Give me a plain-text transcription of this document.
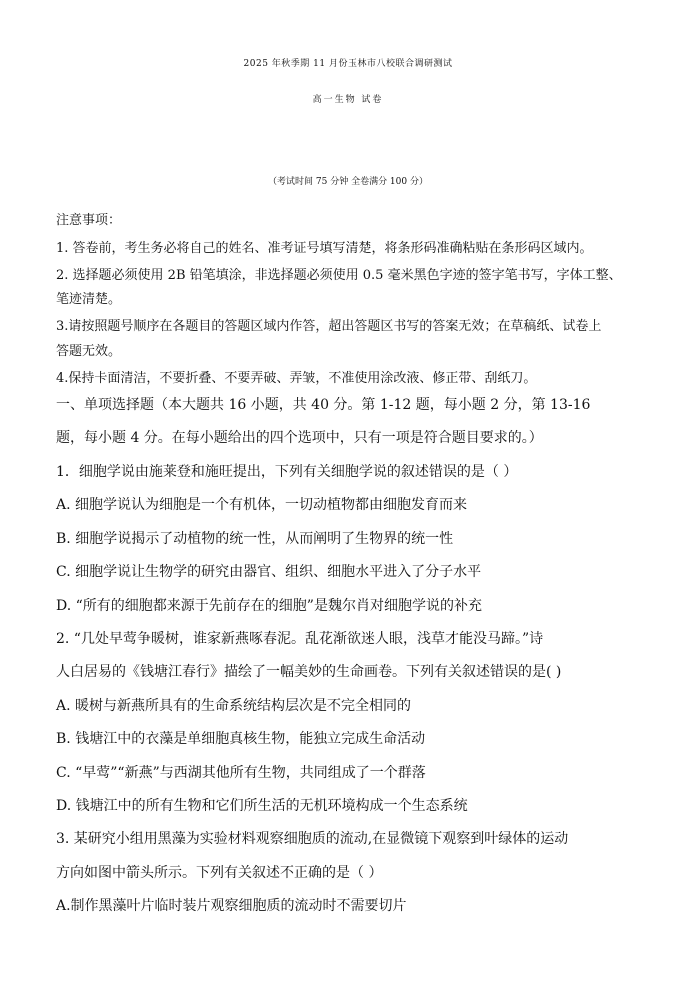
2025 年秋季期 11 月份玉林市八校联合调研测试
高一生物 试卷
（考试时间 75 分钟 全卷满分 100 分）
注意事项：
1. 答卷前，考生务必将自己的姓名、准考证号填写清楚，将条形码准确粘贴在条形码区域内。
2. 选择题必须使用 2B 铅笔填涂，非选择题必须使用 0.5 毫米黑色字迹的签字笔书写，字体工整、
笔迹清楚。
3.请按照题号顺序在各题目的答题区域内作答，超出答题区书写的答案无效；在草稿纸、试卷上
答题无效。
4.保持卡面清洁，不要折叠、不要弄破、弄皱，不准使用涂改液、修正带、刮纸刀。
一、单项选择题（本大题共 16 小题，共 40 分。第 1-12 题，每小题 2 分，第 13-16
题，每小题 4 分。在每小题给出的四个选项中，只有一项是符合题目要求的。）
1．细胞学说由施莱登和施旺提出，下列有关细胞学说的叙述错误的是（ ）
A. 细胞学说认为细胞是一个有机体，一切动植物都由细胞发育而来
B. 细胞学说揭示了动植物的统一性，从而阐明了生物界的统一性
C. 细胞学说让生物学的研究由器官、组织、细胞水平进入了分子水平
D. “所有的细胞都来源于先前存在的细胞”是魏尔肖对细胞学说的补充
2. “几处早莺争暖树，谁家新燕啄春泥。乱花渐欲迷人眼，浅草才能没马蹄。”诗
人白居易的《钱塘江春行》描绘了一幅美妙的生命画卷。下列有关叙述错误的是( )
A. 暖树与新燕所具有的生命系统结构层次是不完全相同的
B. 钱塘江中的衣藻是单细胞真核生物，能独立完成生命活动
C. “早莺”“新燕”与西湖其他所有生物，共同组成了一个群落
D. 钱塘江中的所有生物和它们所生活的无机环境构成一个生态系统
3. 某研究小组用黑藻为实验材料观察细胞质的流动,在显微镜下观察到叶绿体的运动
方向如图中箭头所示。下列有关叙述不正确的是（ ）
A.制作黑藻叶片临时装片观察细胞质的流动时不需要切片
